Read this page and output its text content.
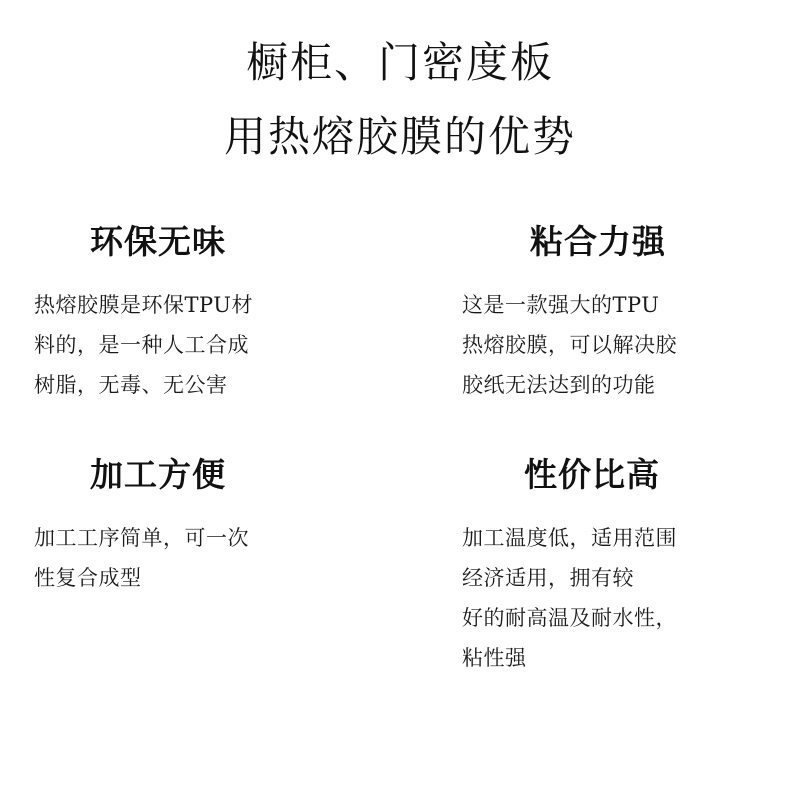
橱柜、门密度板
用热熔胶膜的优势
环保无味
热熔胶膜是环保TPU材
料的，是一种人工合成
树脂，无毒、无公害
粘合力强
这是一款强大的TPU
热熔胶膜，可以解决胶
胶纸无法达到的功能
加工方便
加工工序简单，可一次
性复合成型
性价比高
加工温度低，适用范围
经济适用，拥有较
好的耐高温及耐水性，
粘性强
